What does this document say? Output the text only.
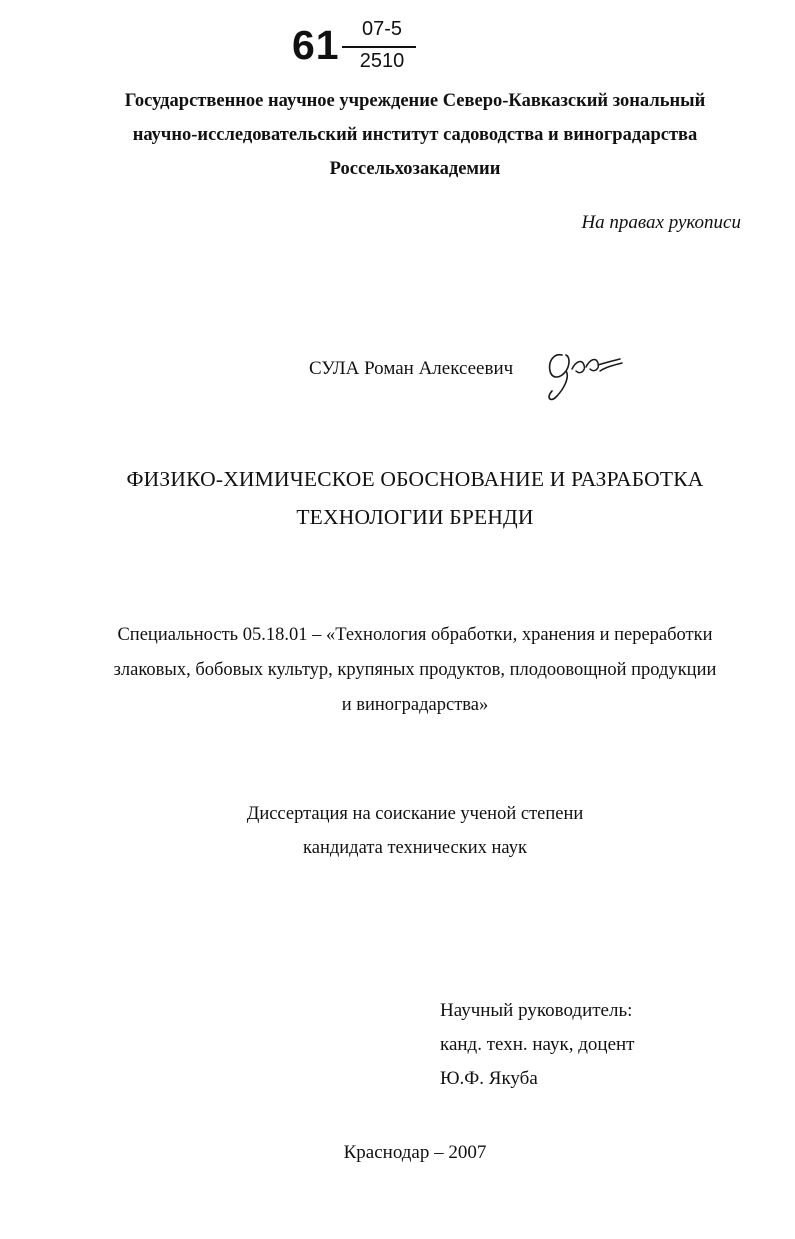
61	07-5
2510
Государственное научное учреждение Северо-Кавказский зональный
научно-исследовательский институт садоводства и виноградарства
Россельхозакадемии
На правах рукописи
СУЛА Роман Алексеевич
ФИЗИКО-ХИМИЧЕСКОЕ ОБОСНОВАНИЕ И РАЗРАБОТКА
ТЕХНОЛОГИИ БРЕНДИ
Специальность 05.18.01 – «Технология обработки, хранения и переработки
злаковых, бобовых культур, крупяных продуктов, плодоовощной продукции
и виноградарства»
Диссертация на соискание ученой степени
кандидата технических наук
Научный руководитель:
канд. техн. наук, доцент
Ю.Ф. Якуба
Краснодар – 2007
